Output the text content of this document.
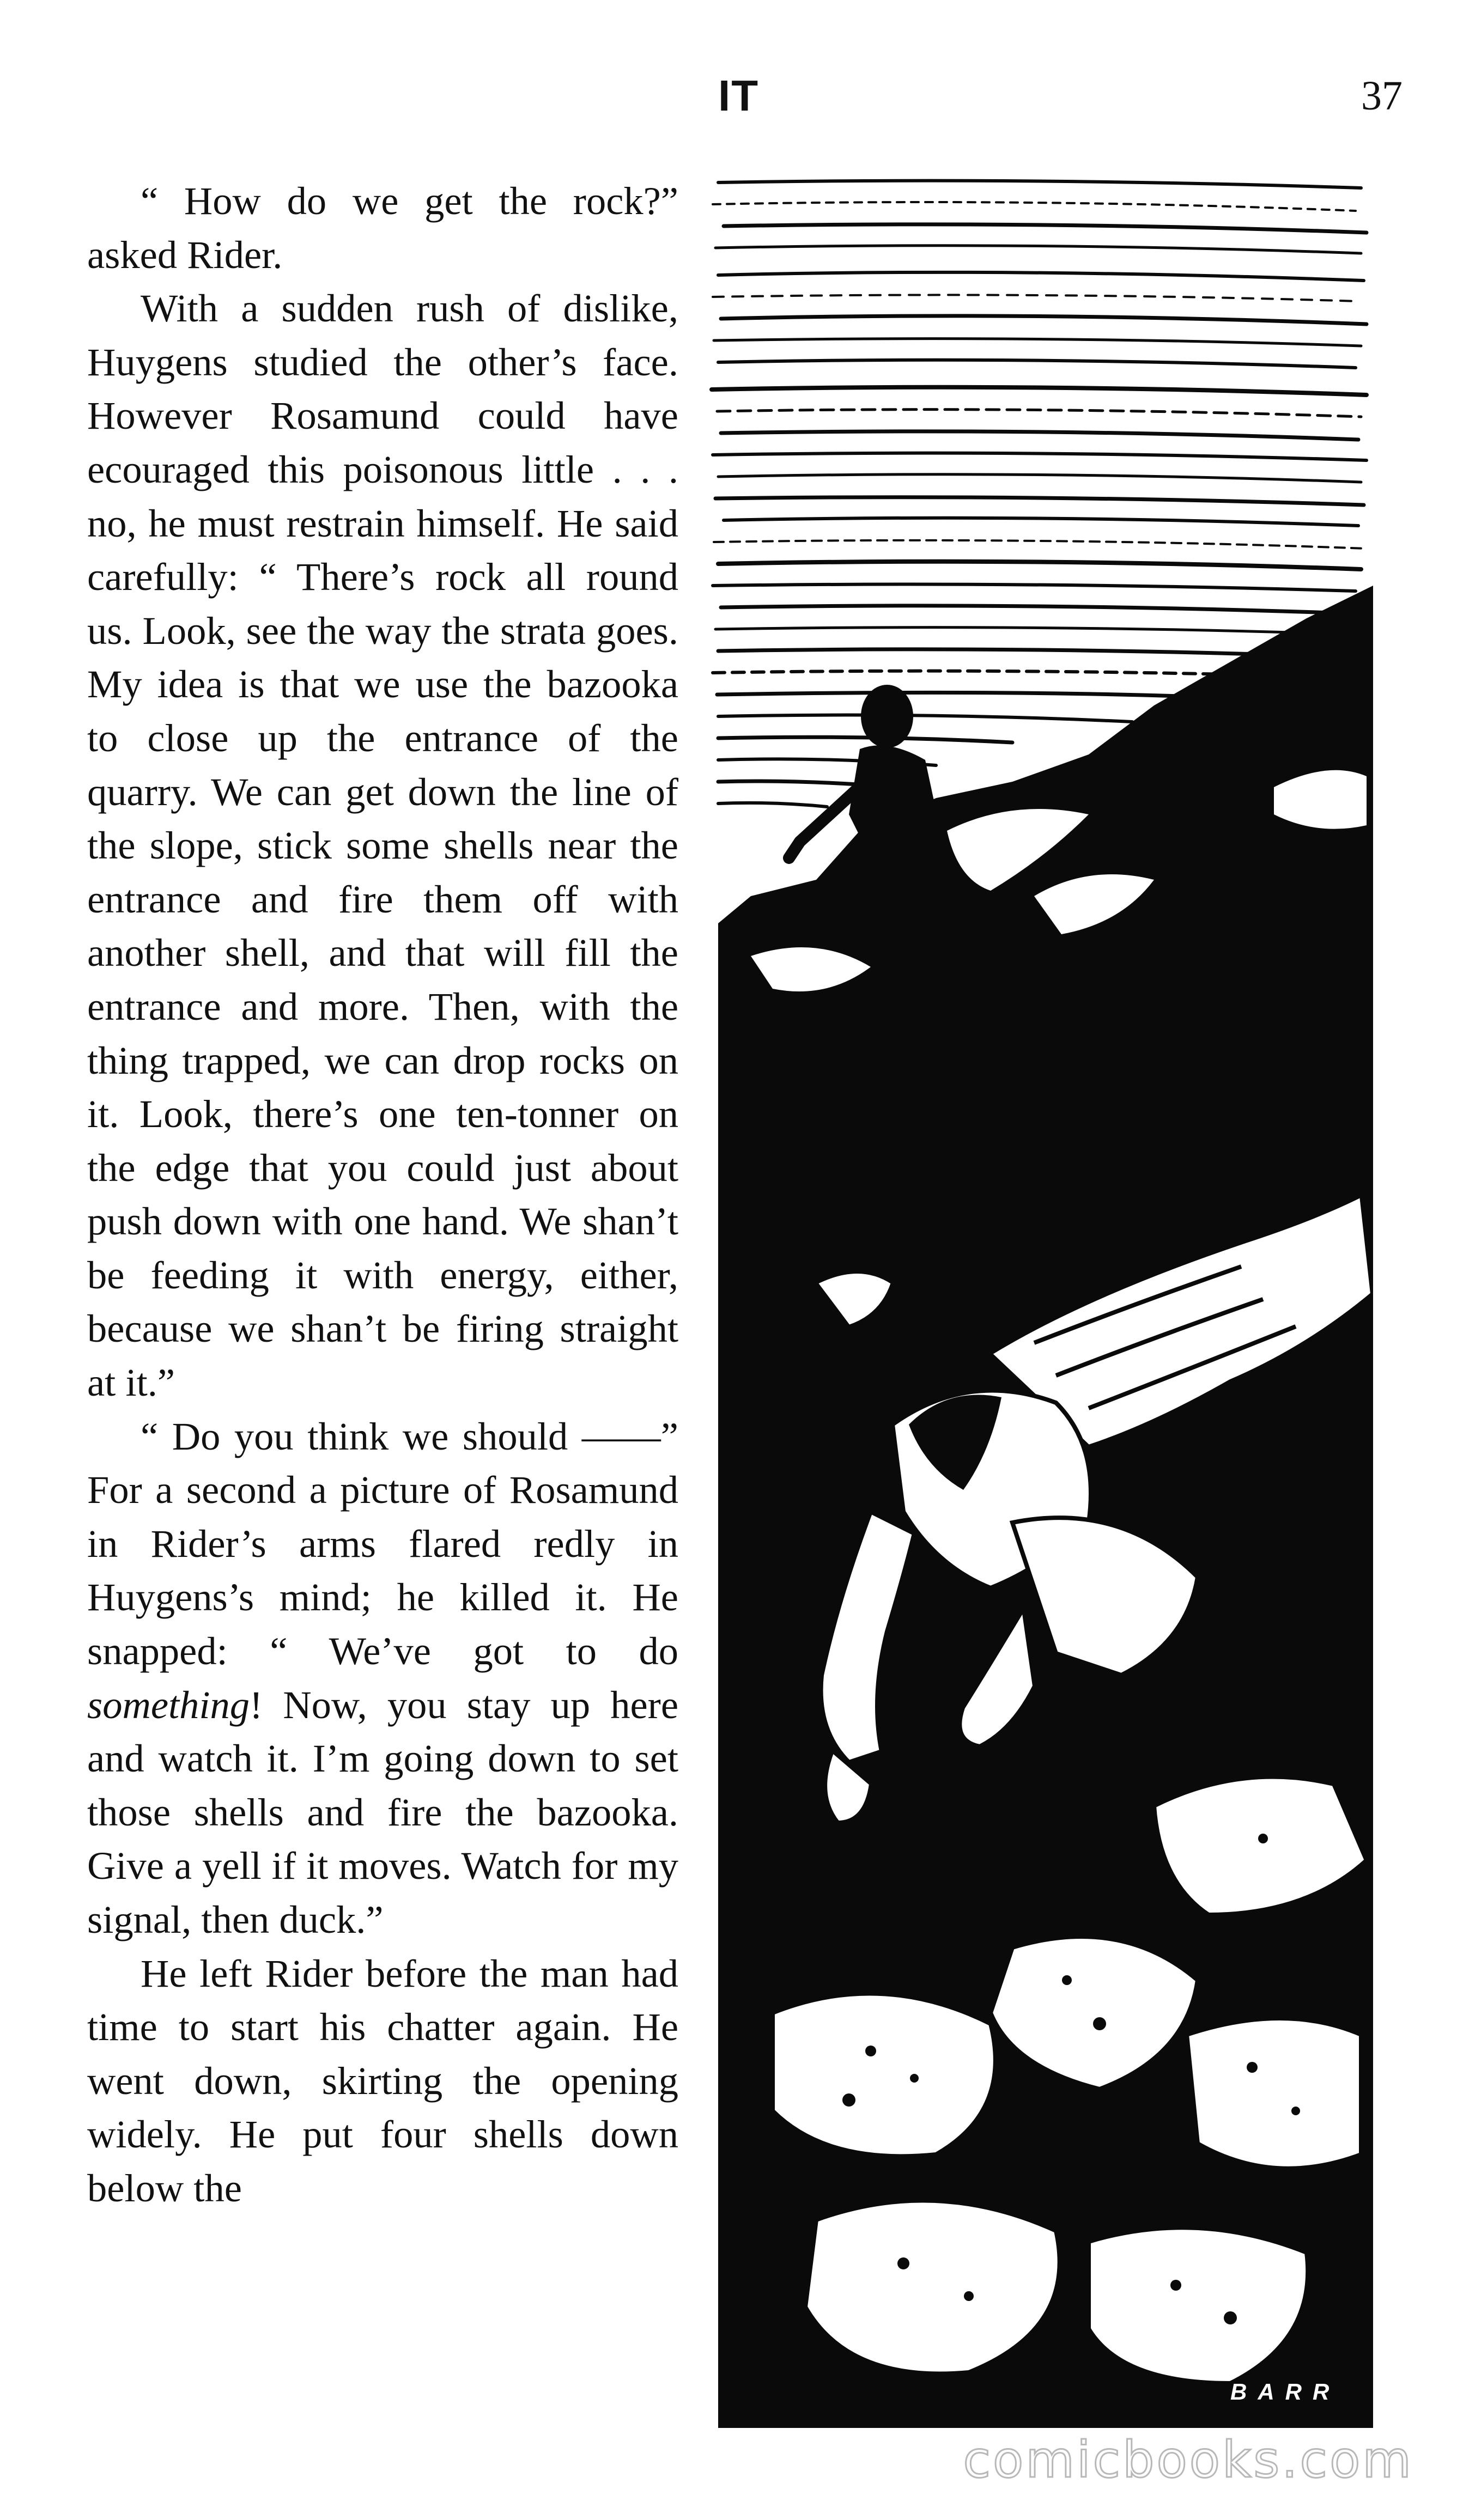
IT	37

“ How do we get the rock?” asked Rider.

With a sudden rush of dislike, Huygens studied the other’s face. However Rosamund could have ecouraged this poisonous little . . . no, he must restrain himself. He said carefully: “ There’s rock all round us. Look, see the way the strata goes. My idea is that we use the bazooka to close up the entrance of the quarry. We can get down the line of the slope, stick some shells near the entrance and fire them off with another shell, and that will fill the entrance and more. Then, with the thing trapped, we can drop rocks on it. Look, there’s one ten-tonner on the edge that you could just about push down with one hand. We shan’t be feeding it with energy, either, because we shan’t be firing straight at it.”

“ Do you think we should ——” For a second a picture of Rosamund in Rider’s arms flared redly in Huygens’s mind; he killed it. He snapped: “ We’ve got to do something! Now, you stay up here and watch it. I’m going down to set those shells and fire the bazooka. Give a yell if it moves. Watch for my signal, then duck.”

He left Rider before the man had time to start his chatter again. He went down, skirting the opening widely. He put four shells down below the

BARR
comicbooks.com
